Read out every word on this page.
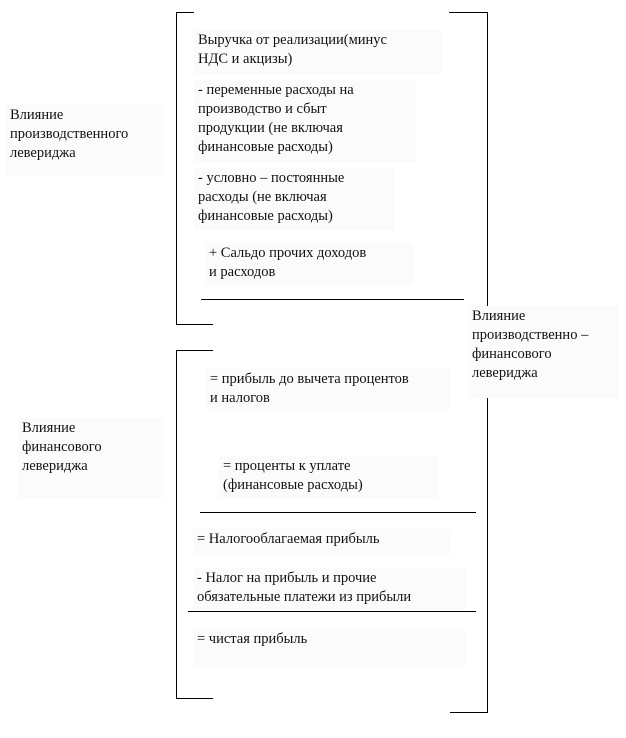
Влияние
производственного
левериджа
Влияние
финансового
левериджа
Влияние
производственно –
финансового
левериджа
Выручка от реализации(минус
НДС и акцизы)
- переменные расходы на
производство и сбыт
продукции (не включая
финансовые расходы)
- условно – постоянные
расходы (не включая
финансовые расходы)
+ Сальдо прочих доходов
и расходов
= прибыль до вычета процентов
и налогов
= проценты к уплате
(финансовые расходы)
= Налогооблагаемая прибыль
- Налог на прибыль и прочие
обязательные платежи из прибыли
= чистая прибыль
